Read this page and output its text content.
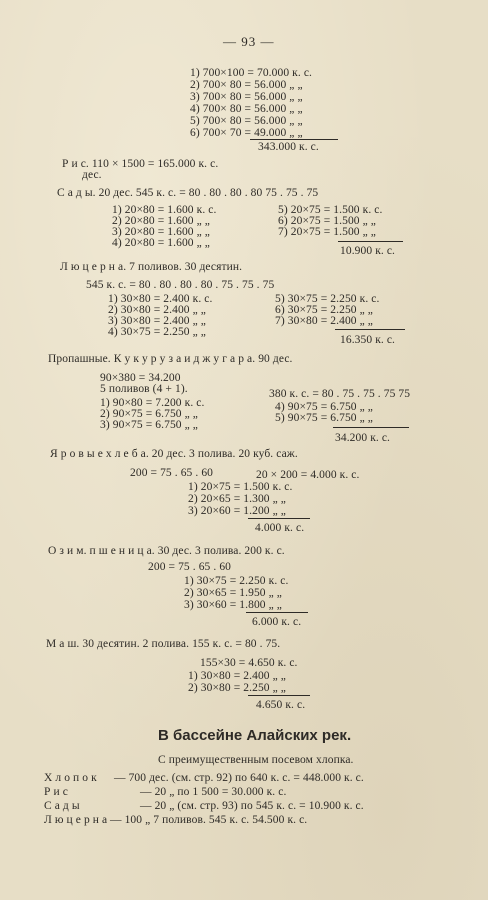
— 93 —
1) 700×100 = 70.000 к. с.
2) 700× 80 = 56.000 „ „
3) 700× 80 = 56.000 „ „
4) 700× 80 = 56.000 „ „
5) 700× 80 = 56.000 „ „
6) 700× 70 = 49.000 „ „
343.000 к. с.
Р и с. 110 × 1500 = 165.000 к. с.
дес.
С а д ы. 20 дес. 545 к. с. = 80 . 80 . 80 . 80 75 . 75 . 75
1) 20×80 = 1.600 к. с.
2) 20×80 = 1.600 „ „
3) 20×80 = 1.600 „ „
4) 20×80 = 1.600 „ „
5) 20×75 = 1.500 к. с.
6) 20×75 = 1.500 „ „
7) 20×75 = 1.500 „ „
10.900 к. с.
Л ю ц е р н а. 7 поливов. 30 десятин.
545 к. с. = 80 . 80 . 80 . 80 . 75 . 75 . 75
1) 30×80 = 2.400 к. с.
2) 30×80 = 2.400 „ „
3) 30×80 = 2.400 „ „
4) 30×75 = 2.250 „ „
5) 30×75 = 2.250 к. с.
6) 30×75 = 2.250 „ „
7) 30×80 = 2.400 „ „
16.350 к. с.
Пропашные. К у к у р у з а и д ж у г а р а. 90 дес.
90×380 = 34.200
5 поливов (4 + 1).	380 к. с. = 80 . 75 . 75 . 75 75
1) 90×80 = 7.200 к. с.
2) 90×75 = 6.750 „ „
3) 90×75 = 6.750 „ „
4) 90×75 = 6.750 „ „
5) 90×75 = 6.750 „ „
34.200 к. с.
Я р о в ы е х л е б а. 20 дес. 3 полива. 20 куб. саж.
200 = 75 . 65 . 60	20 × 200 = 4.000 к. с.
1) 20×75 = 1.500 к. с.
2) 20×65 = 1.300 „ „
3) 20×60 = 1.200 „ „
4.000 к. с.
О з и м. п ш е н и ц а. 30 дес. 3 полива. 200 к. с.
200 = 75 . 65 . 60
1) 30×75 = 2.250 к. с.
2) 30×65 = 1.950 „ „
3) 30×60 = 1.800 „ „
6.000 к. с.
М а ш. 30 десятин. 2 полива. 155 к. с. = 80 . 75.
155×30 = 4.650 к. с.
1) 30×80 = 2.400 „ „
2) 30×80 = 2.250 „ „
4.650 к. с.
В бассейне Алайских рек.
С преимущественным посевом хлопка.
Х л о п о к	— 700 дес. (см. стр. 92) по 640 к. с. = 448.000 к. с.
Р и с	— 20 „ по 1 500 = 30.000 к. с.
С а д ы	— 20 „ (см. стр. 93) по 545 к. с. = 10.900 к. с.
Л ю ц е р н а — 100 „ 7 поливов. 545 к. с. 54.500 к. с.
